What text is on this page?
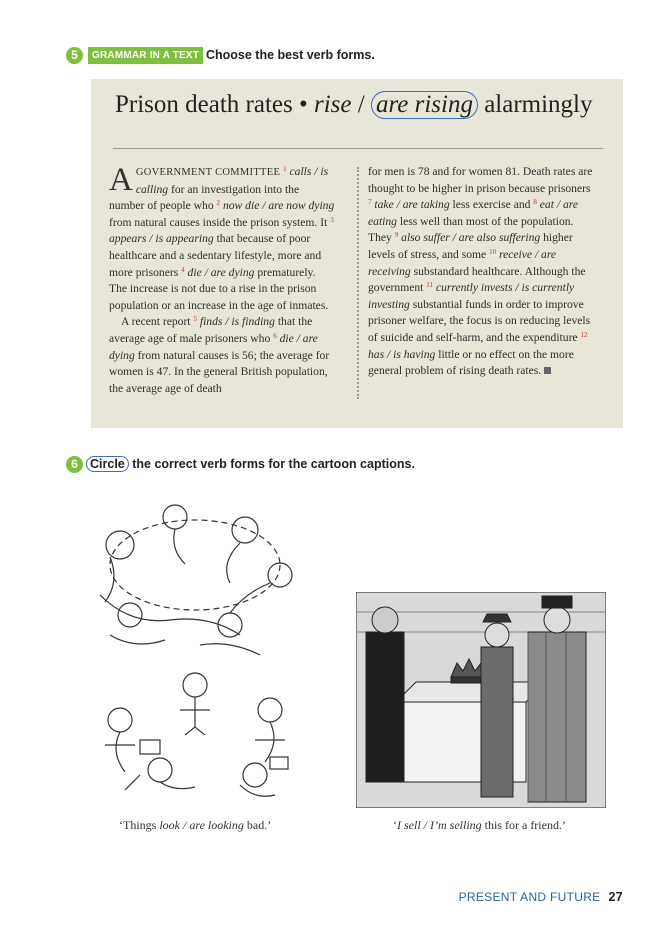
5	GRAMMAR IN A TEXT Choose the best verb forms.
Prison death rates • rise / are rising alarmingly

AGOVERNMENT COMMITTEE $^1$ calls / is calling for an investigation into the number of people who $^2$ now die / are now dying from natural causes inside the prison system. It $^3$ appears / is appearing that because of poor healthcare and a sedentary lifestyle, more and more prisoners $^4$ die / are dying prematurely. The increase is not due to a rise in the prison population or an increase in the age of inmates.

A recent report $^5$ finds / is finding that the average age of male prisoners who $^6$ die / are dying from natural causes is 56; the average for women is 47. In the general British population, the average age of death

for men is 78 and for women 81. Death rates are thought to be higher in prison because prisoners $^7$ take / are taking less exercise and $^8$ eat / are eating less well than most of the population. They $^9$ also suffer / are also suffering higher levels of stress, and some $^{10}$ receive / are receiving substandard healthcare. Although the government $^{11}$ currently invests / is currently investing substantial funds in order to improve prisoner welfare, the focus is on reducing levels of suicide and self-harm, and the expenditure $^{12}$ has / is having little or no effect on the more general problem of rising death rates.

6 Circle the correct verb forms for the cartoon captions.
‘Things look / are looking bad.’	‘I sell / I’m selling this for a friend.’
PRESENT AND FUTURE 27
